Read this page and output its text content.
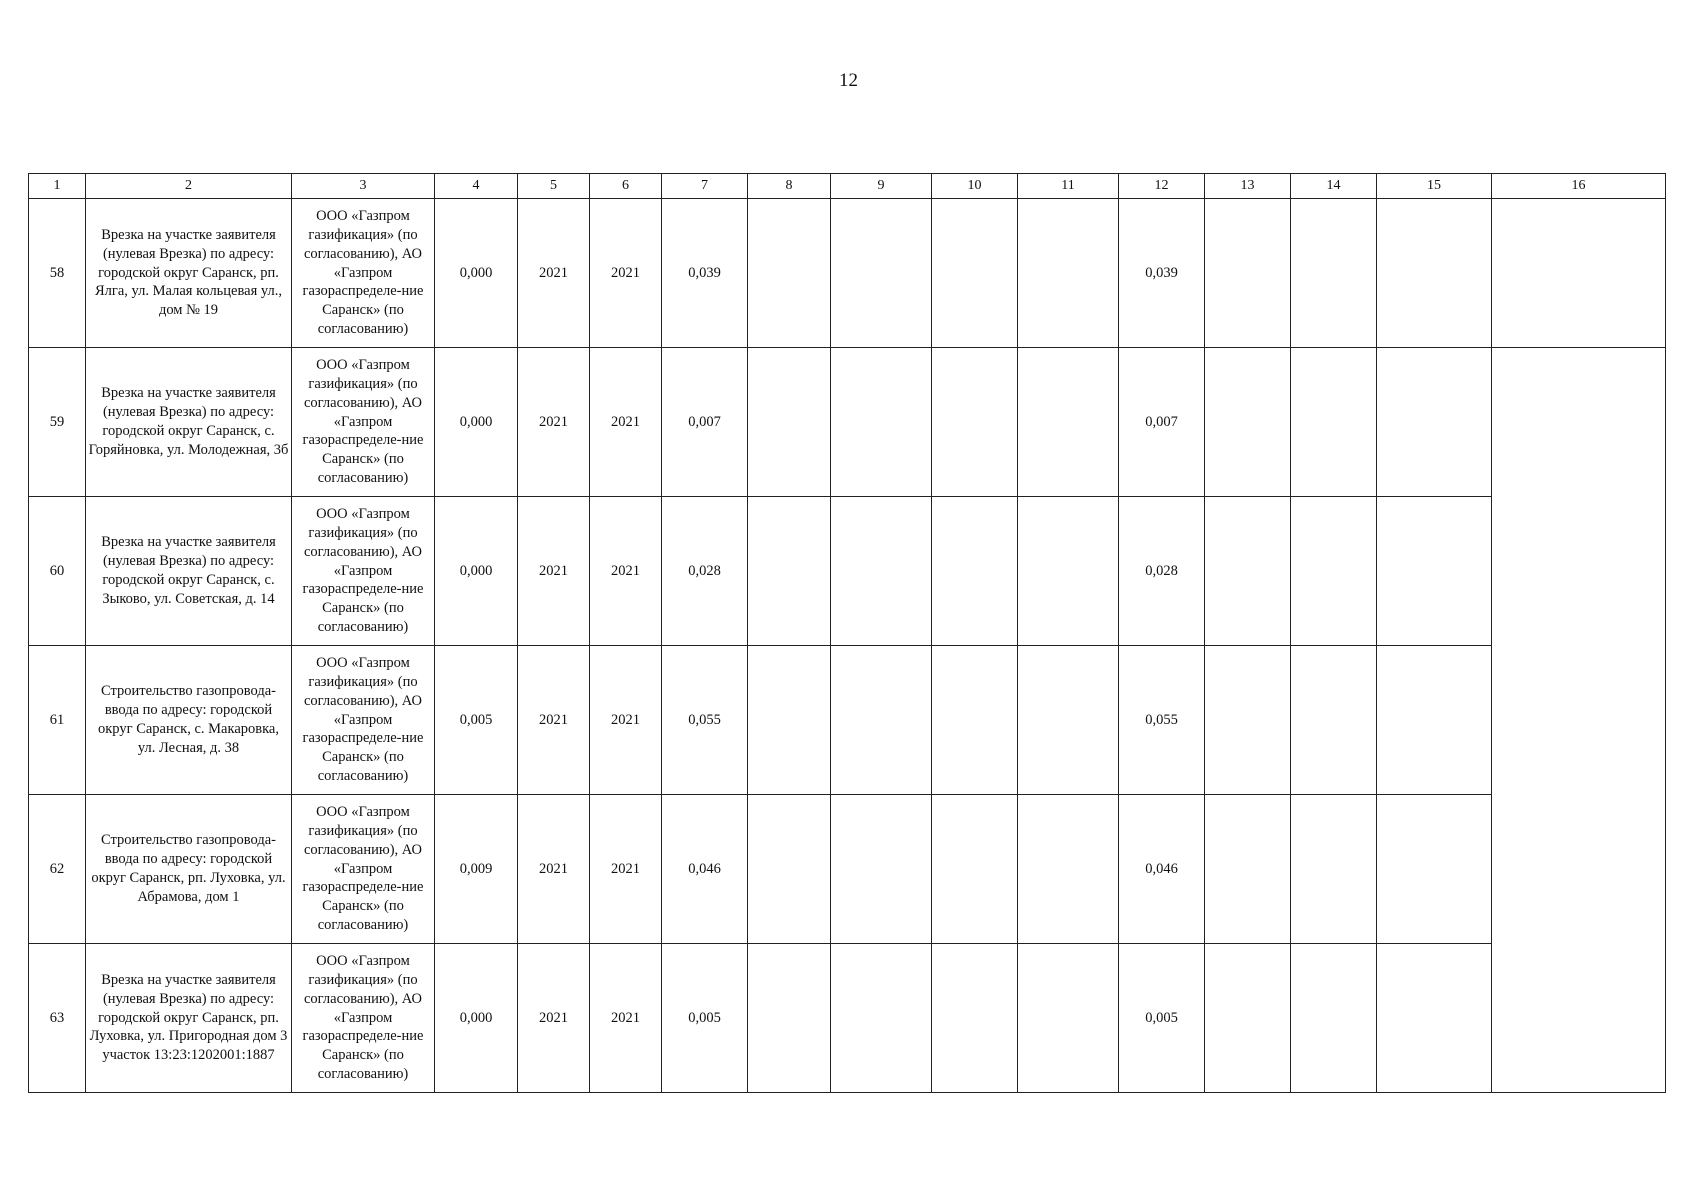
12
1	2	3	4	5	6	7	8	9	10	11	12	13	14	15	16
58	Врезка на участке заявителя (нулевая Врезка) по адресу: городской округ Саранск, рп. Ялга, ул. Малая кольцевая ул., дом № 19	ООО «Газпром газификация» (по согласованию), АО «Газпром газораспределе-ние Саранск» (по согласованию)	0,000	2021	2021	0,039					0,039				
59	Врезка на участке заявителя (нулевая Врезка) по адресу: городской округ Саранск, с. Горяйновка, ул. Молодежная, 3б	ООО «Газпром газификация» (по согласованию), АО «Газпром газораспределе-ние Саранск» (по согласованию)	0,000	2021	2021	0,007					0,007				
60	Врезка на участке заявителя (нулевая Врезка) по адресу: городской округ Саранск, с. Зыково, ул. Советская, д. 14	ООО «Газпром газификация» (по согласованию), АО «Газпром газораспределе-ние Саранск» (по согласованию)	0,000	2021	2021	0,028					0,028				
61	Строительство газопровода-ввода по адресу: городской округ Саранск, с. Макаровка, ул. Лесная, д. 38	ООО «Газпром газификация» (по согласованию), АО «Газпром газораспределе-ние Саранск» (по согласованию)	0,005	2021	2021	0,055					0,055				
62	Строительство газопровода-ввода по адресу: городской округ Саранск, рп. Луховка, ул. Абрамова, дом 1	ООО «Газпром газификация» (по согласованию), АО «Газпром газораспределе-ние Саранск» (по согласованию)	0,009	2021	2021	0,046					0,046				
63	Врезка на участке заявителя (нулевая Врезка) по адресу: городской округ Саранск, рп. Луховка, ул. Пригородная дом 3 участок 13:23:1202001:1887	ООО «Газпром газификация» (по согласованию), АО «Газпром газораспределе-ние Саранск» (по согласованию)	0,000	2021	2021	0,005					0,005				
